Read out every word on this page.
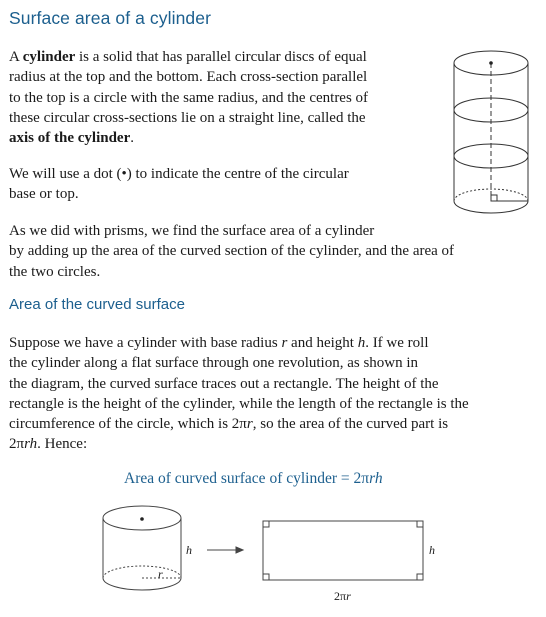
Surface area of a cylinder

A cylinder is a solid that has parallel circular discs of equal
radius at the top and the bottom. Each cross-section parallel
to the top is a circle with the same radius, and the centres of
these circular cross-sections lie on a straight line, called the
axis of the cylinder.

We will use a dot (•) to indicate the centre of the circular
base or top.

As we did with prisms, we find the surface area of a cylinder
by adding up the area of the curved section of the cylinder, and the area of
the two circles.

Area of the curved surface

Suppose we have a cylinder with base radius r and height h. If we roll
the cylinder along a flat surface through one revolution, as shown in
the diagram, the curved surface traces out a rectangle. The height of the
rectangle is the height of the cylinder, while the length of the rectangle is the
circumference of the circle, which is 2πr, so the area of the curved part is
2πrh. Hence:

Area of curved surface of cylinder = 2πrh
h
r
h
2πr
